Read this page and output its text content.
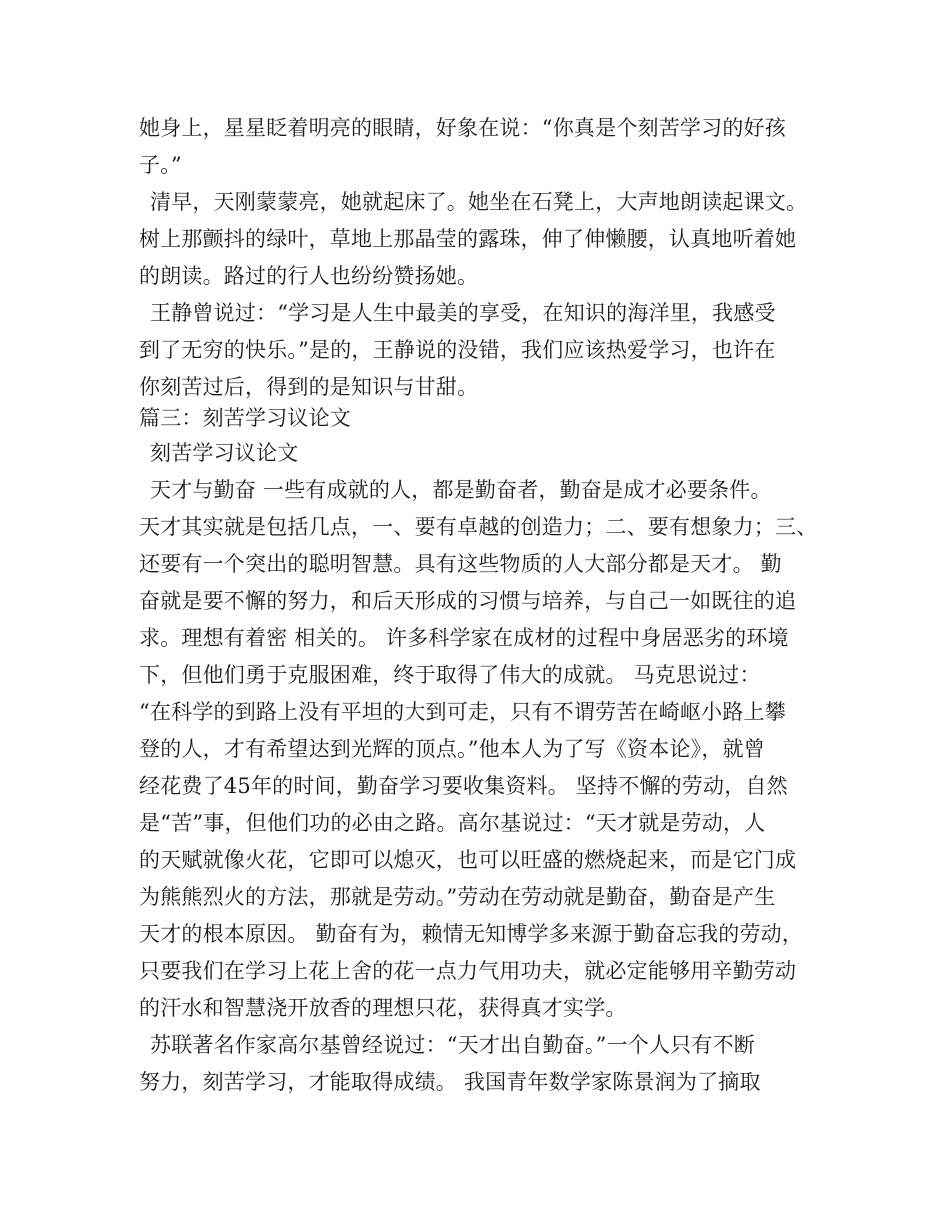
她身上，星星眨着明亮的眼睛，好象在说：“你真是个刻苦学习的好孩
子。”
清早，天刚蒙蒙亮，她就起床了。她坐在石凳上，大声地朗读起课文。
树上那颤抖的绿叶，草地上那晶莹的露珠，伸了伸懒腰，认真地听着她
的朗读。路过的行人也纷纷赞扬她。
王静曾说过：“学习是人生中最美的享受，在知识的海洋里，我感受
到了无穷的快乐。”是的，王静说的没错，我们应该热爱学习，也许在
你刻苦过后，得到的是知识与甘甜。
篇三：刻苦学习议论文
刻苦学习议论文
天才与勤奋 一些有成就的人，都是勤奋者，勤奋是成才必要条件。
天才其实就是包括几点，一、要有卓越的创造力；二、要有想象力；三、
还要有一个突出的聪明智慧。具有这些物质的人大部分都是天才。 勤
奋就是要不懈的努力，和后天形成的习惯与培养，与自己一如既往的追
求。理想有着密 相关的。 许多科学家在成材的过程中身居恶劣的环境
下，但他们勇于克服困难，终于取得了伟大的成就。 马克思说过：
“在科学的到路上没有平坦的大到可走，只有不谓劳苦在崎岖小路上攀
登的人，才有希望达到光辉的顶点。”他本人为了写《资本论》，就曾
经花费了45年的时间，勤奋学习要收集资料。 坚持不懈的劳动，自然
是“苦”事，但他们功的必由之路。高尔基说过：“天才就是劳动，人
的天赋就像火花，它即可以熄灭，也可以旺盛的燃烧起来，而是它门成
为熊熊烈火的方法，那就是劳动。”劳动在劳动就是勤奋，勤奋是产生
天才的根本原因。 勤奋有为，赖情无知博学多来源于勤奋忘我的劳动，
只要我们在学习上花上舍的花一点力气用功夫，就必定能够用辛勤劳动
的汗水和智慧浇开放香的理想只花，获得真才实学。
苏联著名作家高尔基曾经说过：“天才出自勤奋。”一个人只有不断
努力，刻苦学习，才能取得成绩。 我国青年数学家陈景润为了摘取
